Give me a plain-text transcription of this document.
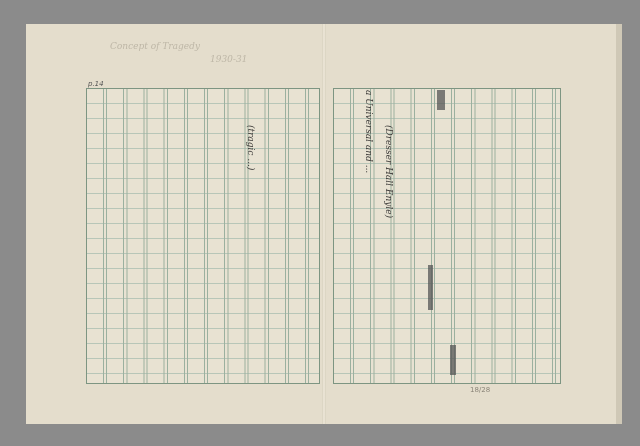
Concept of Tragedy
1930-31
p.14
(tragic ...)	(Dresser Hall Enyle)
a Universal and ...
18/28
